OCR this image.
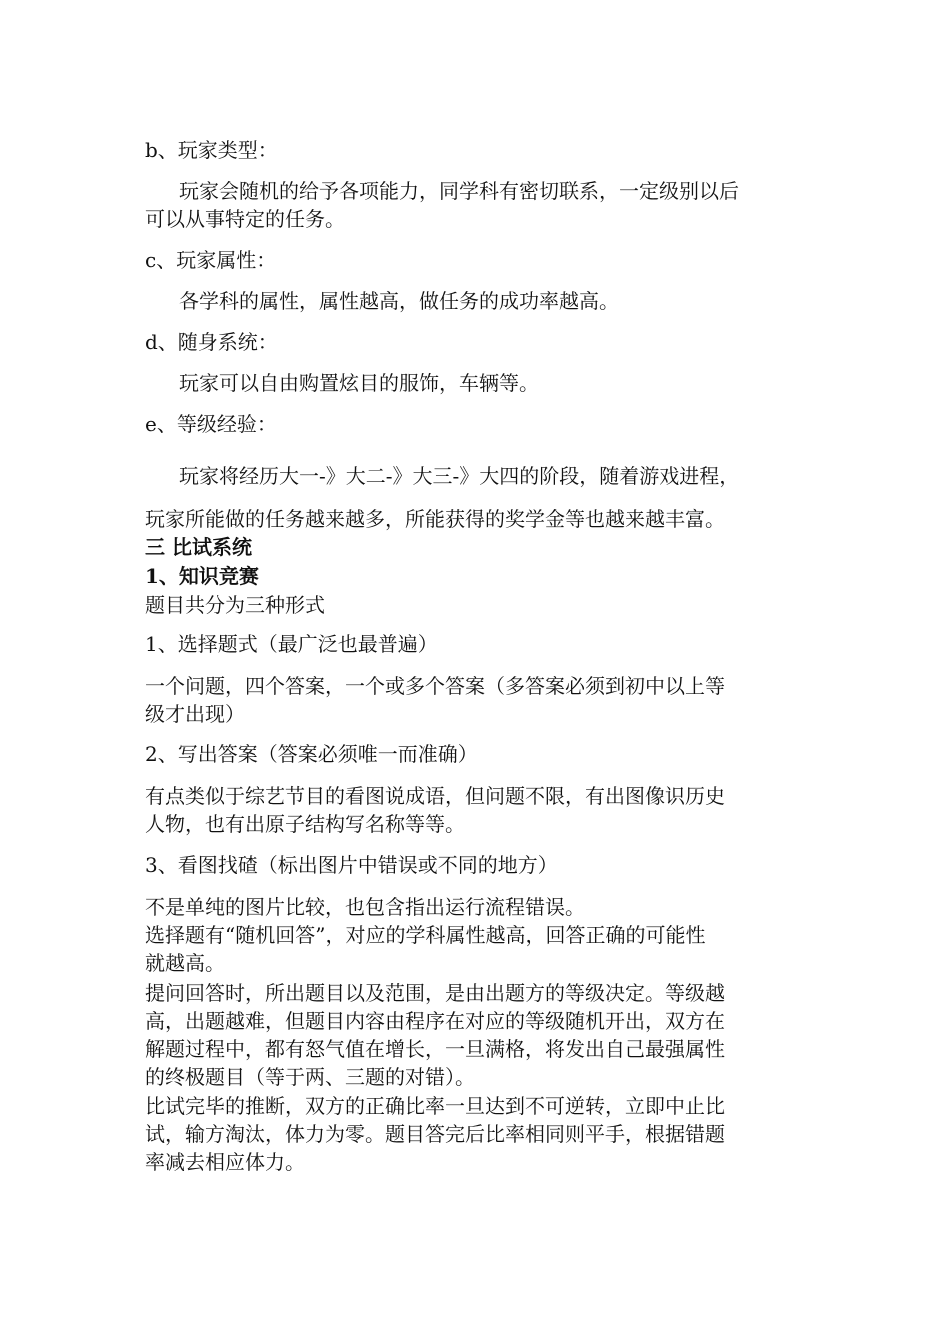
b、玩家类型：
玩家会随机的给予各项能力，同学科有密切联系，一定级别以后
可以从事特定的任务。
c、玩家属性：
各学科的属性，属性越高，做任务的成功率越高。
d、随身系统：
玩家可以自由购置炫目的服饰，车辆等。
e、等级经验：
玩家将经历大一-》大二-》大三-》大四的阶段，随着游戏进程，
玩家所能做的任务越来越多，所能获得的奖学金等也越来越丰富。
三 比试系统
1、知识竞赛
题目共分为三种形式
1、选择题式（最广泛也最普遍）
一个问题，四个答案，一个或多个答案（多答案必须到初中以上等
级才出现）
2、写出答案（答案必须唯一而准确）
有点类似于综艺节目的看图说成语，但问题不限，有出图像识历史
人物，也有出原子结构写名称等等。
3、看图找碴（标出图片中错误或不同的地方）
不是单纯的图片比较，也包含指出运行流程错误。
选择题有“随机回答”，对应的学科属性越高，回答正确的可能性
就越高。
提问回答时，所出题目以及范围，是由出题方的等级决定。等级越
高，出题越难，但题目内容由程序在对应的等级随机开出，双方在
解题过程中，都有怒气值在增长，一旦满格，将发出自己最强属性
的终极题目（等于两、三题的对错）。
比试完毕的推断，双方的正确比率一旦达到不可逆转，立即中止比
试，输方淘汰，体力为零。题目答完后比率相同则平手，根据错题
率减去相应体力。
